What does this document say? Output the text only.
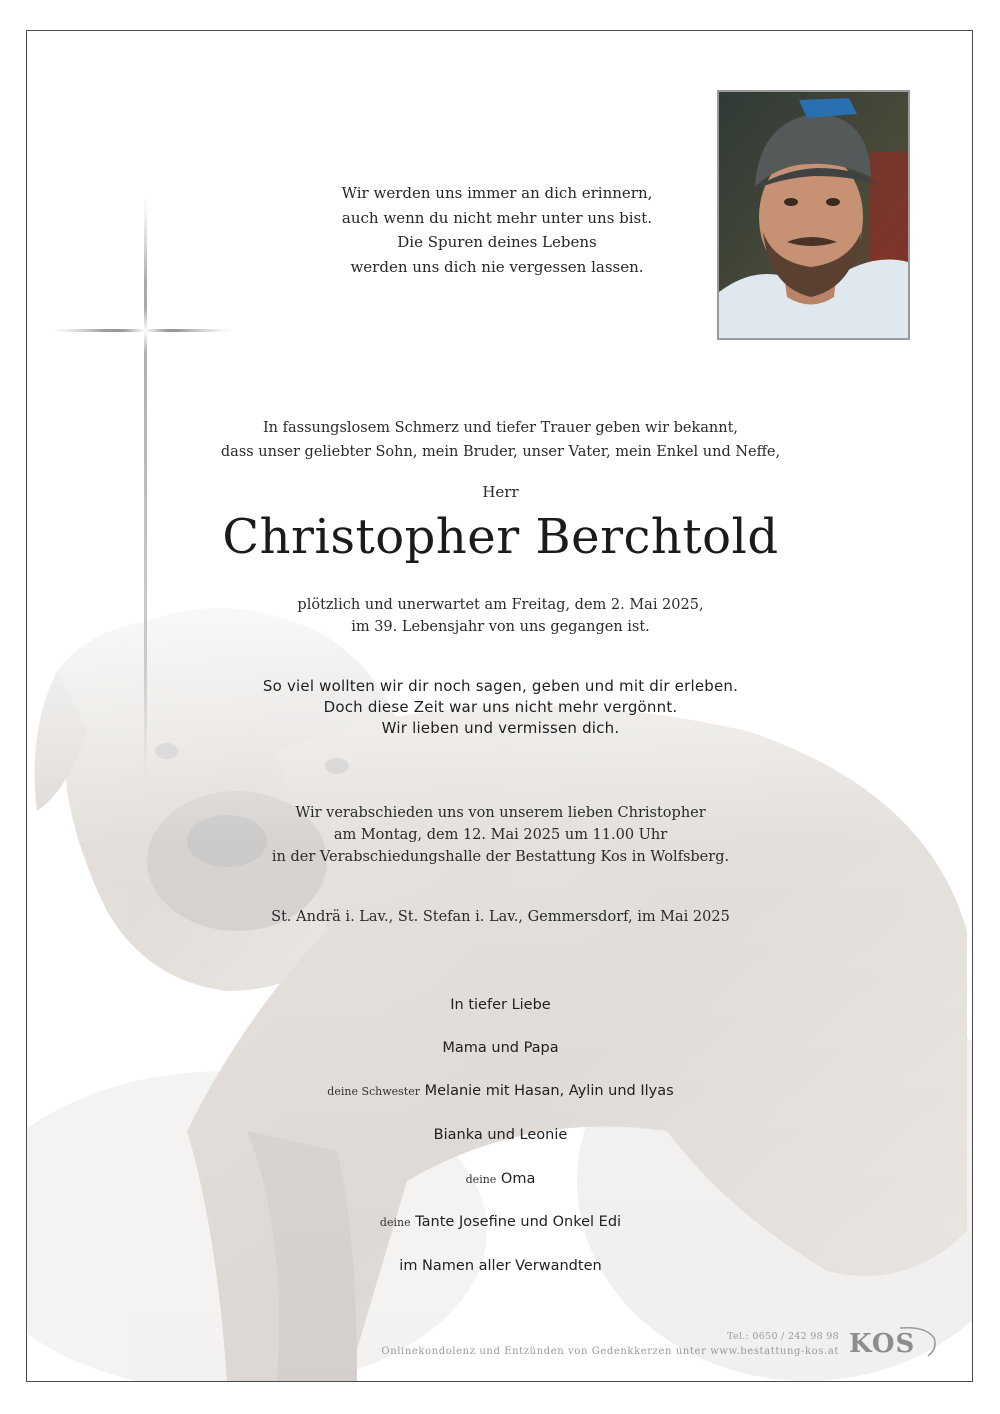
Wir werden uns immer an dich erinnern,
auch wenn du nicht mehr unter uns bist.
Die Spuren deines Lebens
werden uns dich nie vergessen lassen.
In fassungslosem Schmerz und tiefer Trauer geben wir bekannt,
dass unser geliebter Sohn, mein Bruder, unser Vater, mein Enkel und Neffe,
Herr
Christopher Berchtold
plötzlich und unerwartet am Freitag, dem 2. Mai 2025,
im 39. Lebensjahr von uns gegangen ist.
So viel wollten wir dir noch sagen, geben und mit dir erleben.
Doch diese Zeit war uns nicht mehr vergönnt.
Wir lieben und vermissen dich.
Wir verabschieden uns von unserem lieben Christopher
am Montag, dem 12. Mai 2025 um 11.00 Uhr
in der Verabschiedungshalle der Bestattung Kos in Wolfsberg.
St. Andrä i. Lav., St. Stefan i. Lav., Gemmersdorf, im Mai 2025
In tiefer Liebe
Mama und Papa
deine Schwester Melanie mit Hasan, Aylin und Ilyas
Bianka und Leonie
deine Oma
deine Tante Josefine und Onkel Edi
im Namen aller Verwandten
Tel.: 0650 / 242 98 98
Onlinekondolenz und Entzünden von Gedenkkerzen unter www.bestattung-kos.at KOS
